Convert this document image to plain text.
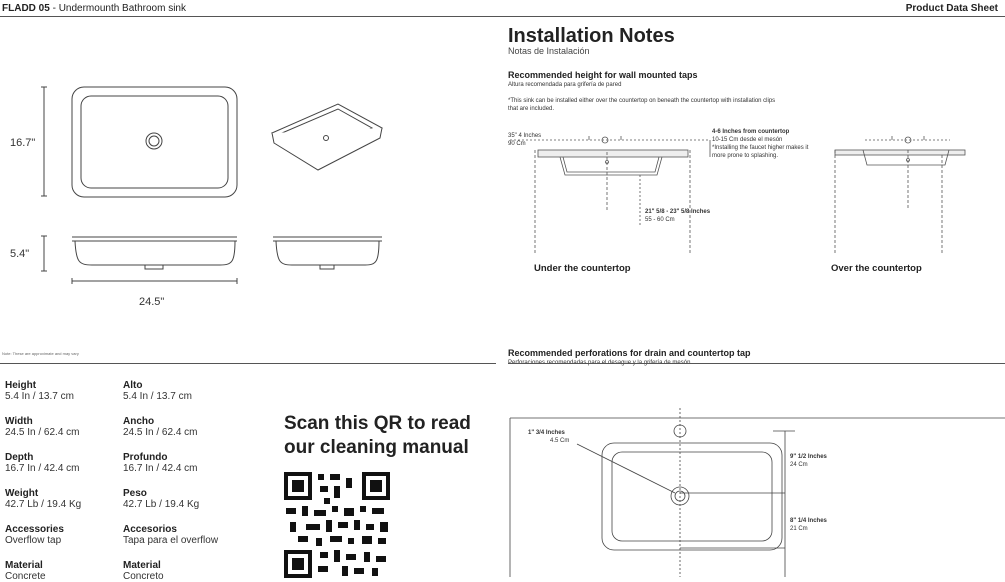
FLADD 05 - Undermounth Bathroom sink	Product Data Sheet
16.7"
5.4"
24.5"
Note: These are approximate and may vary
Installation Notes
Notas de Instalación
Recommended height for wall mounted taps
Altura recomendada para grifería de pared
*This sink can be installed either over the countertop on beneath the countertop with installation clips
that are included.
35" 4 Inches
90 Cm
4-6 Inches from countertop
10-15 Cm desde el mesón
*Installing the faucet higher makes it
more prone to splashing.
21" 5/8 - 23" 5/8 Inches
55 - 60 Cm
Under the countertop	Over the countertop
Recommended perforations for drain and countertop tap
Perforaciones recomendadas para el desague y la grifería de mesón
1" 3/4 Inches
4.5 Cm
9" 1/2 Inches
24 Cm
8" 1/4 Inches
21 Cm
Height
5.4 In / 13.7 cm
Alto
5.4 In / 13.7 cm
Width
24.5 In / 62.4 cm
Ancho
24.5 In / 62.4 cm
Depth
16.7 In / 42.4 cm
Profundo
16.7 In / 42.4 cm
Weight
42.7 Lb / 19.4 Kg
Peso
42.7 Lb / 19.4 Kg
Accessories
Overflow tap
Accesorios
Tapa para el overflow
Material
Concrete
Material
Concreto
Scan this QR to read
our cleaning manual
